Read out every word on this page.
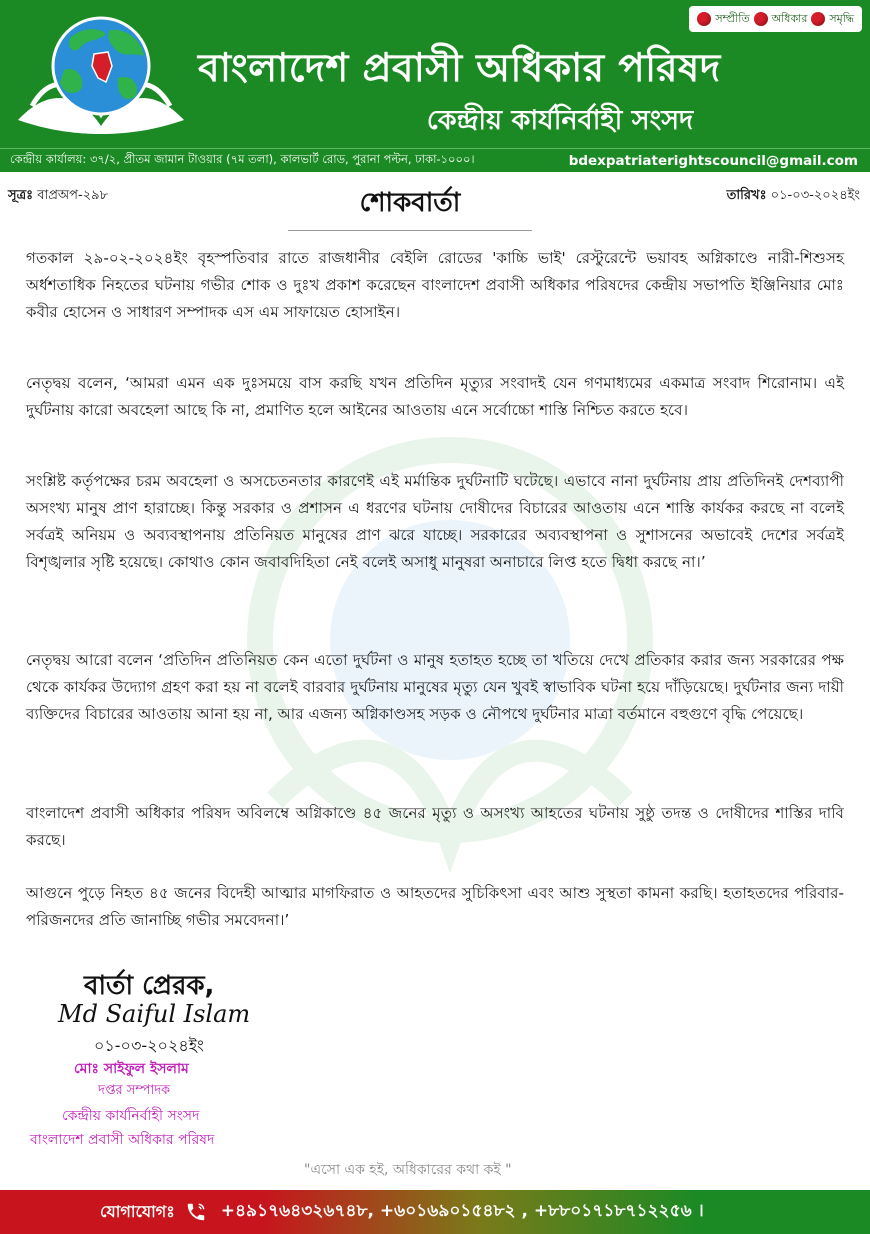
সম্প্রীতি অধিকার সমৃদ্ধি
বাংলাদেশ প্রবাসী অধিকার পরিষদ
কেন্দ্রীয় কার্যনির্বাহী সংসদ
কেন্দ্রীয় কার্যালয়: ৩৭/২, প্রীতম জামান টাওয়ার (৭ম তলা), কালভার্ট রোড, পুরানা পল্টন, ঢাকা-১০০০।	bdexpatriaterightscouncil@gmail.com
সূত্রঃ বাপ্রঅপ-২৯৮	শোকবার্তা	তারিখঃ ০১-০৩-২০২৪ইং
গতকাল ২৯-০২-২০২৪ইং বৃহস্পতিবার রাতে রাজধানীর বেইলি রোডের 'কাচ্চি ভাই' রেস্টুরেন্টে ভয়াবহ অগ্নিকাণ্ডে নারী-শিশুসহ অর্ধশতাধিক নিহতের ঘটনায় গভীর শোক ও দুঃখ প্রকাশ করেছেন বাংলাদেশ প্রবাসী অধিকার পরিষদের কেন্দ্রীয় সভাপতি ইঞ্জিনিয়ার মোঃ কবীর হোসেন ও সাধারণ সম্পাদক এস এম সাফায়েত হোসাইন।
নেতৃদ্বয় বলেন, ‘আমরা এমন এক দুঃসময়ে বাস করছি যখন প্রতিদিন মৃত্যুর সংবাদই যেন গণমাধ্যমের একমাত্র সংবাদ শিরোনাম। এই দুর্ঘটনায় কারো অবহেলা আছে কি না, প্রমাণিত হলে আইনের আওতায় এনে সর্বোচ্চো শাস্তি নিশ্চিত করতে হবে।
সংশ্লিষ্ট কর্তৃপক্ষের চরম অবহেলা ও অসচেতনতার কারণেই এই মর্মান্তিক দুর্ঘটনাটি ঘটেছে। এভাবে নানা দুর্ঘটনায় প্রায় প্রতিদিনই দেশব্যাপী অসংখ্য মানুষ প্রাণ হারাচ্ছে। কিন্তু সরকার ও প্রশাসন এ ধরণের ঘটনায় দোষীদের বিচারের আওতায় এনে শাস্তি কার্যকর করছে না বলেই সর্বত্রই অনিয়ম ও অব্যবস্থাপনায় প্রতিনিয়ত মানুষের প্রাণ ঝরে যাচ্ছে। সরকারের অব্যবস্থাপনা ও সুশাসনের অভাবেই দেশের সর্বত্রই বিশৃঙ্খলার সৃষ্টি হয়েছে। কোথাও কোন জবাবদিহিতা নেই বলেই অসাধু মানুষরা অনাচারে লিপ্ত হতে দ্বিধা করছে না।’
নেতৃদ্বয় আরো বলেন ‘প্রতিদিন প্রতিনিয়ত কেন এতো দুর্ঘটনা ও মানুষ হতাহত হচ্ছে তা খতিয়ে দেখে প্রতিকার করার জন্য সরকারের পক্ষ থেকে কার্যকর উদ্যোগ গ্রহণ করা হয় না বলেই বারবার দুর্ঘটনায় মানুষের মৃত্যু যেন খুবই স্বাভাবিক ঘটনা হয়ে দাঁড়িয়েছে। দুর্ঘটনার জন্য দায়ী ব্যক্তিদের বিচারের আওতায় আনা হয় না, আর এজন্য অগ্নিকাণ্ডসহ সড়ক ও নৌপথে দুর্ঘটনার মাত্রা বর্তমানে বহুগুণে বৃদ্ধি পেয়েছে।
বাংলাদেশ প্রবাসী অধিকার পরিষদ অবিলম্বে অগ্নিকাণ্ডে ৪৫ জনের মৃত্যু ও অসংখ্য আহতের ঘটনায় সুষ্ঠু তদন্ত ও দোষীদের শাস্তির দাবি করছে।
আগুনে পুড়ে নিহত ৪৫ জনের বিদেহী আত্মার মাগফিরাত ও আহতদের সুচিকিৎসা এবং আশু সুস্থতা কামনা করছি। হতাহতদের পরিবার-পরিজনদের প্রতি জানাচ্ছি গভীর সমবেদনা।’
বার্তা প্রেরক,
Md Saiful Islam
০১-০৩-২০২৪ইং
মোঃ সাইফুল ইসলাম
দপ্তর সম্পাদক
কেন্দ্রীয় কার্যনির্বাহী সংসদ
বাংলাদেশ প্রবাসী অধিকার পরিষদ
"এসো এক হই, অধিকারের কথা কই "
যোগাযোগঃ	+৪৯১৭৬৪৩২৬৭৪৮, +৬০১৬৯০১৫৪৮২ , +৮৮০১৭১৮৭১২২৫৬ ।
